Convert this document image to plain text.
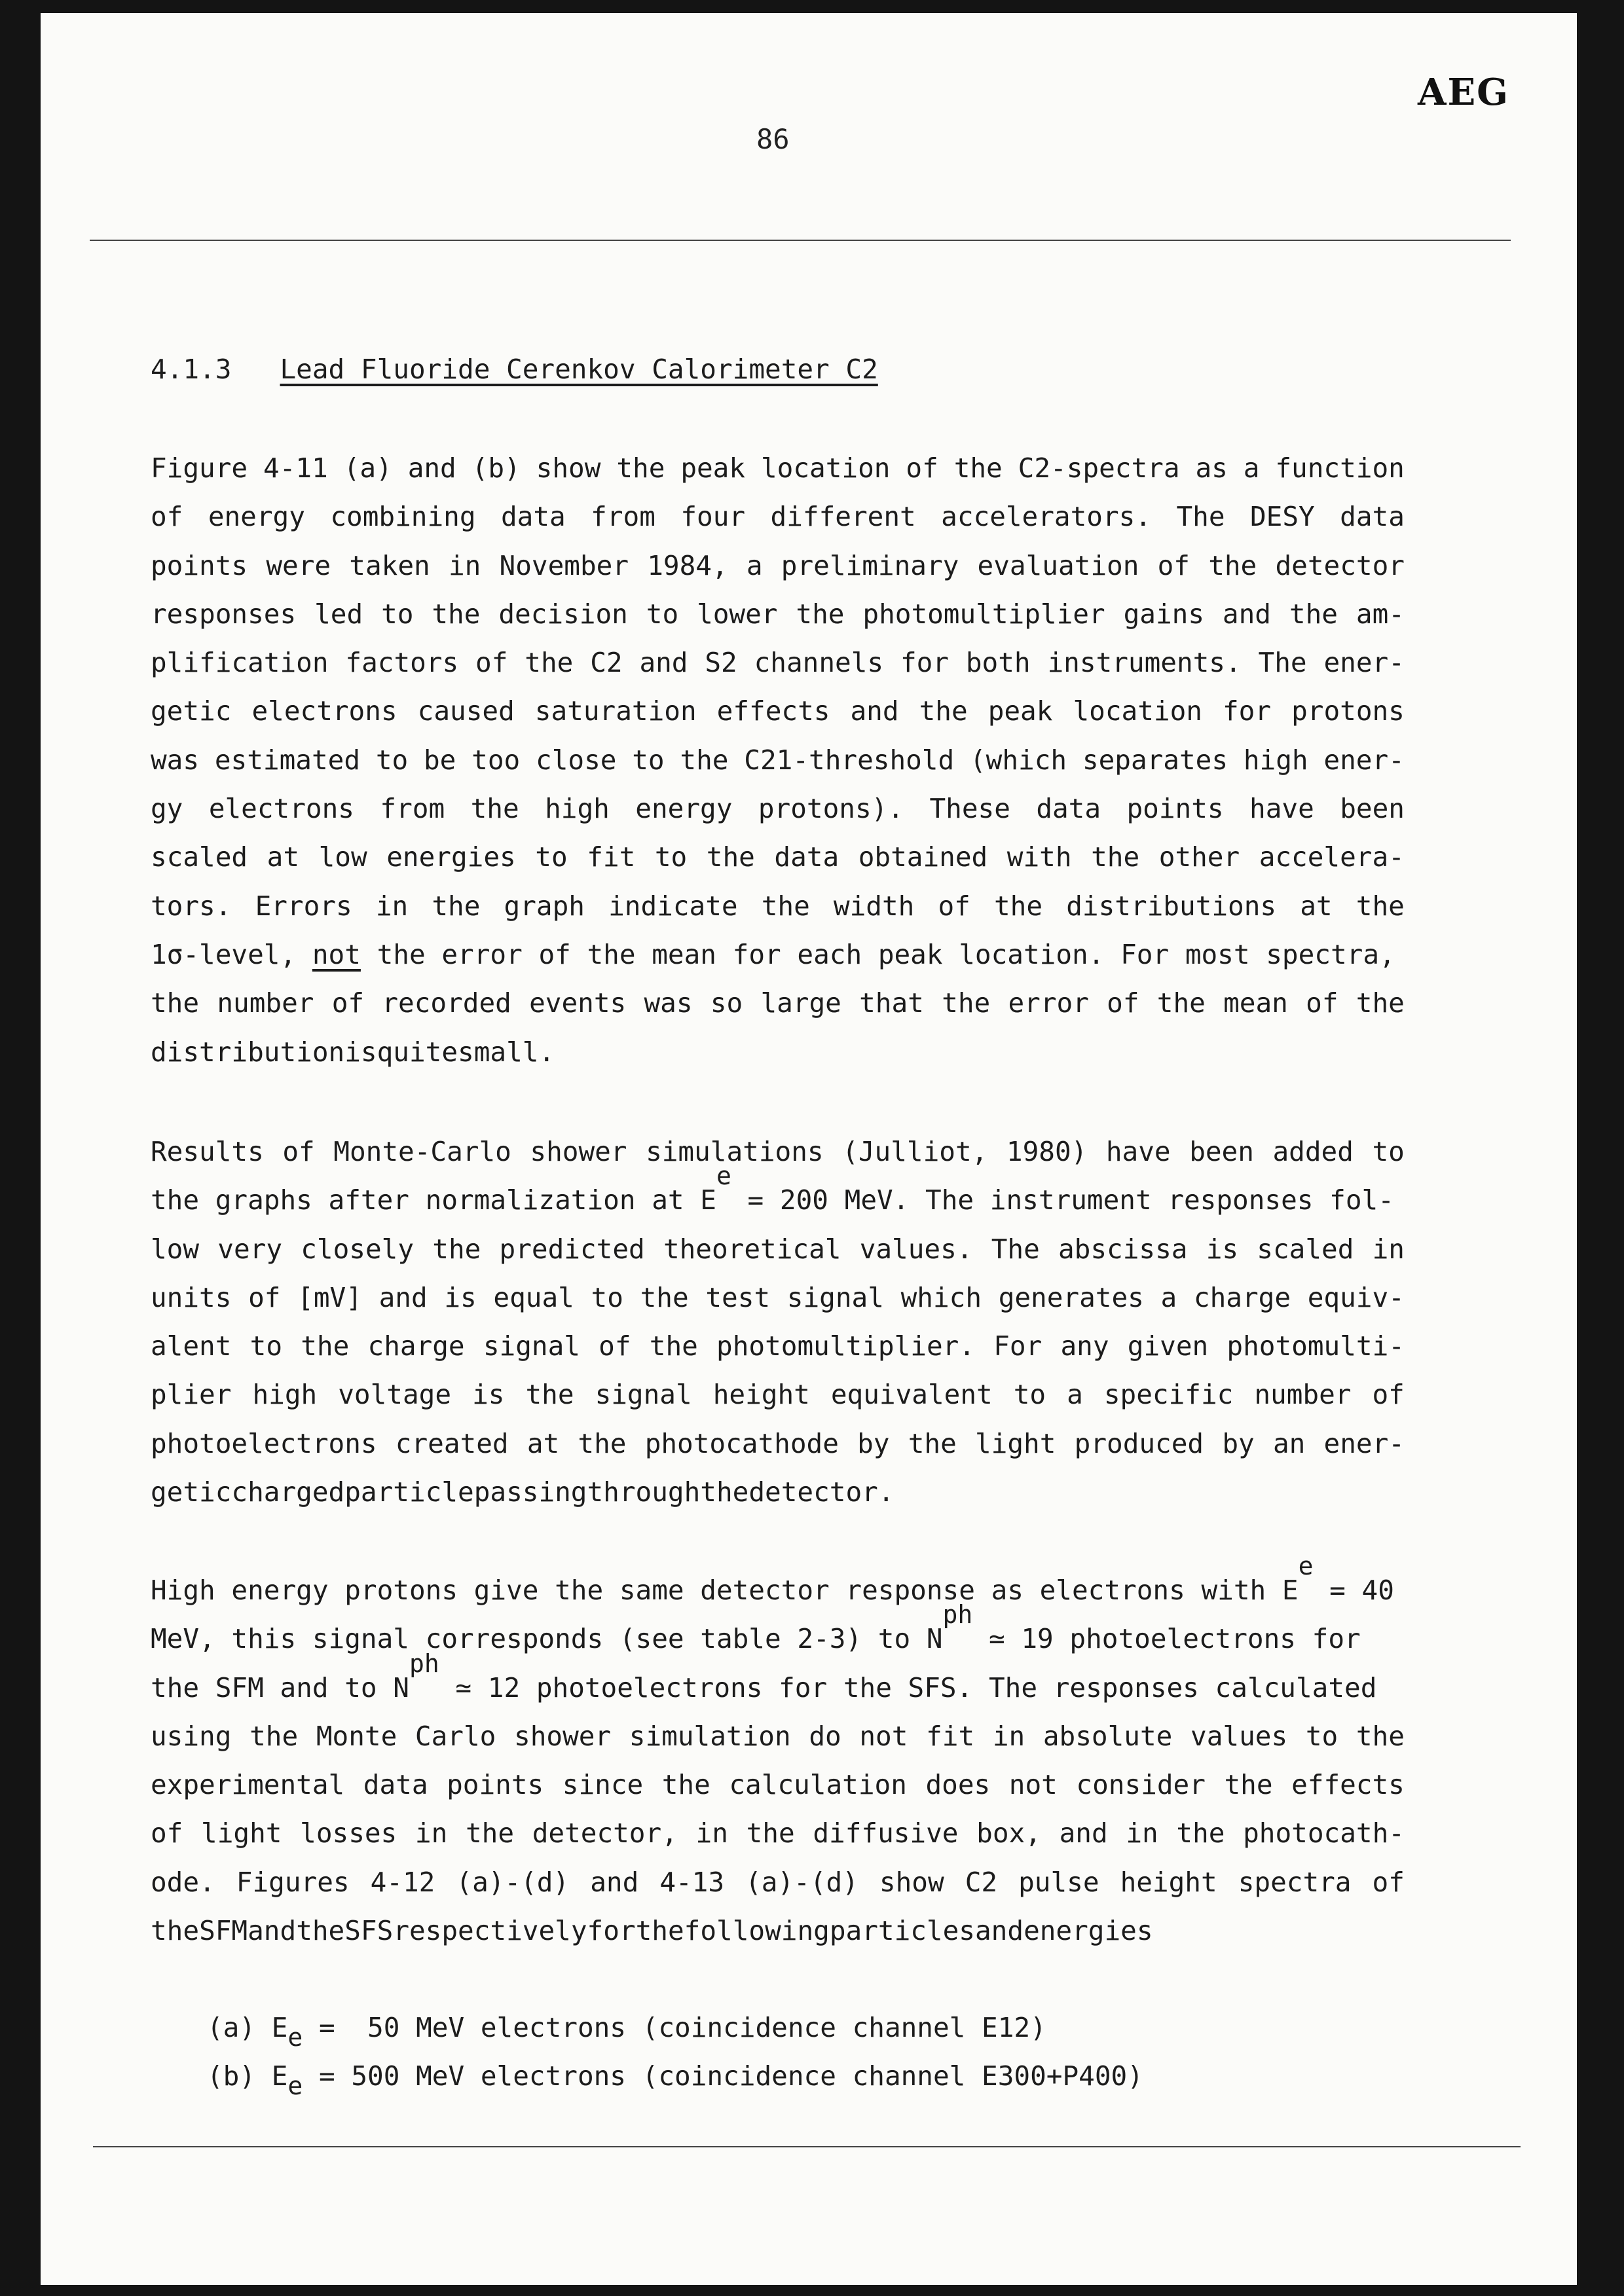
AEG
86
4.1.3 Lead Fluoride Cerenkov Calorimeter C2
Figure 4-11 (a) and (b) show the peak location of the C2-spectra as a function
of energy combining data from four different accelerators. The DESY data
points were taken in November 1984, a preliminary evaluation of the detector
responses led to the decision to lower the photomultiplier gains and the am-
plification factors of the C2 and S2 channels for both instruments. The ener-
getic electrons caused saturation effects and the peak location for protons
was estimated to be too close to the C21-threshold (which separates high ener-
gy electrons from the high energy protons). These data points have been
scaled at low energies to fit to the data obtained with the other accelera-
tors. Errors in the graph indicate the width of the distributions at the
1σ-level,
not
the error of the mean for each peak location. For most spectra,
the number of recorded events was so large that the error of the mean of the
distribution is quite small.
Results of Monte-Carlo shower simulations (Julliot, 1980) have been added to
the graphs after normalization at E
e
= 200 MeV. The instrument responses fol-
low very closely the predicted theoretical values. The abscissa is scaled in
units of [mV] and is equal to the test signal which generates a charge equiv-
alent to the charge signal of the photomultiplier. For any given photomulti-
plier high voltage is the signal height equivalent to a specific number of
photoelectrons created at the photocathode by the light produced by an ener-
getic charged particle passing through the detector.
High energy protons give the same detector response as electrons with E
e
= 40
MeV, this signal corresponds (see table 2-3) to N
ph
≃ 19 photoelectrons for
the SFM and to N
ph
≃ 12 photoelectrons for the SFS. The responses calculated
using the Monte Carlo shower simulation do not fit in absolute values to the
experimental data points since the calculation does not consider the effects
of light losses in the detector, in the diffusive box, and in the photocath-
ode. Figures 4-12 (a)-(d) and 4-13 (a)-(d) show C2 pulse height spectra of
the SFM and the SFS respectively for the following particles and energies
(a) $E_e = 50$ MeV electrons (coincidence channel E12)
(b) $E_e = 500$ MeV electrons (coincidence channel E300+P400)
